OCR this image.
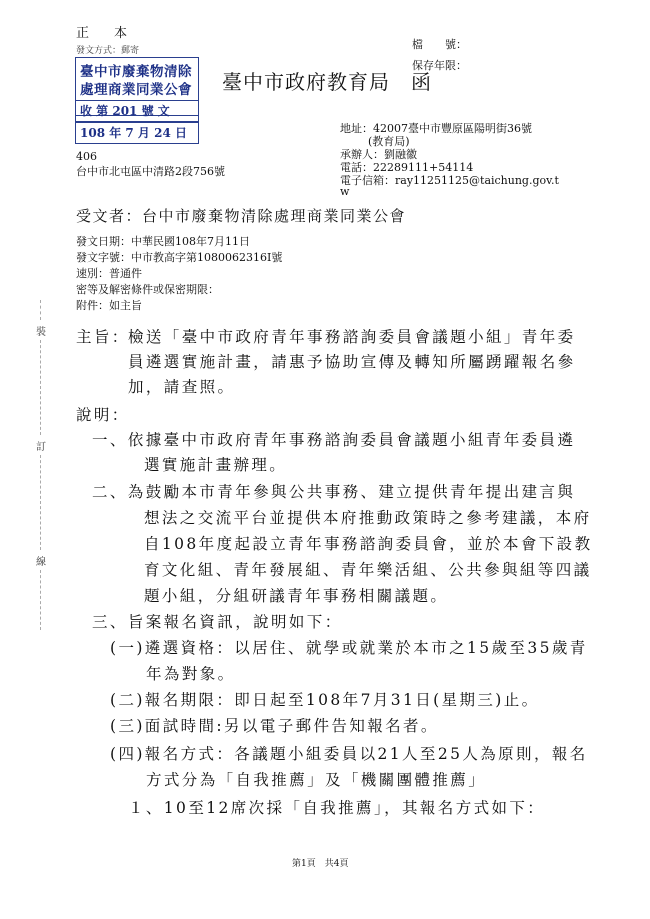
正　本
發文方式：郵寄	檔　　號：
保存年限：
臺中市政府教育局　函
臺中市廢棄物清除
處理商業同業公會
收 第 201 號 文
108 年 7 月 24 日
406
台中市北屯區中清路2段756號
地址：42007臺中市豐原區陽明街36號
(教育局)
承辦人：劉融徽
電話：22289111+54114
電子信箱：ray11251125@taichung.gov.t
w
受文者：台中市廢棄物清除處理商業同業公會
發文日期：中華民國108年7月11日
發文字號：中市教高字第1080062316I號
速別：普通件
密等及解密條件或保密期限：
附件：如主旨
裝
訂
線
主旨：
檢送「臺中市政府青年事務諮詢委員會議題小組」青年委
員遴選實施計畫，請惠予協助宣傳及轉知所屬踴躍報名參
加，請查照。
說明：
一、依據臺中市政府青年事務諮詢委員會議題小組青年委員遴
選實施計畫辦理。
二、為鼓勵本市青年參與公共事務、建立提供青年提出建言與
想法之交流平台並提供本府推動政策時之參考建議，本府
自108年度起設立青年事務諮詢委員會，並於本會下設教
育文化組、青年發展組、青年樂活組、公共參與組等四議
題小組，分組研議青年事務相關議題。
三、旨案報名資訊，說明如下：
(一)遴選資格：以居住、就學或就業於本市之15歲至35歲青
年為對象。
(二)報名期限：即日起至108年7月31日(星期三)止。
(三)面試時間:另以電子郵件告知報名者。
(四)報名方式：各議題小組委員以21人至25人為原則，報名
方式分為「自我推薦」及「機關團體推薦」
１、10至12席次採「自我推薦」，其報名方式如下：
第1頁　共4頁
